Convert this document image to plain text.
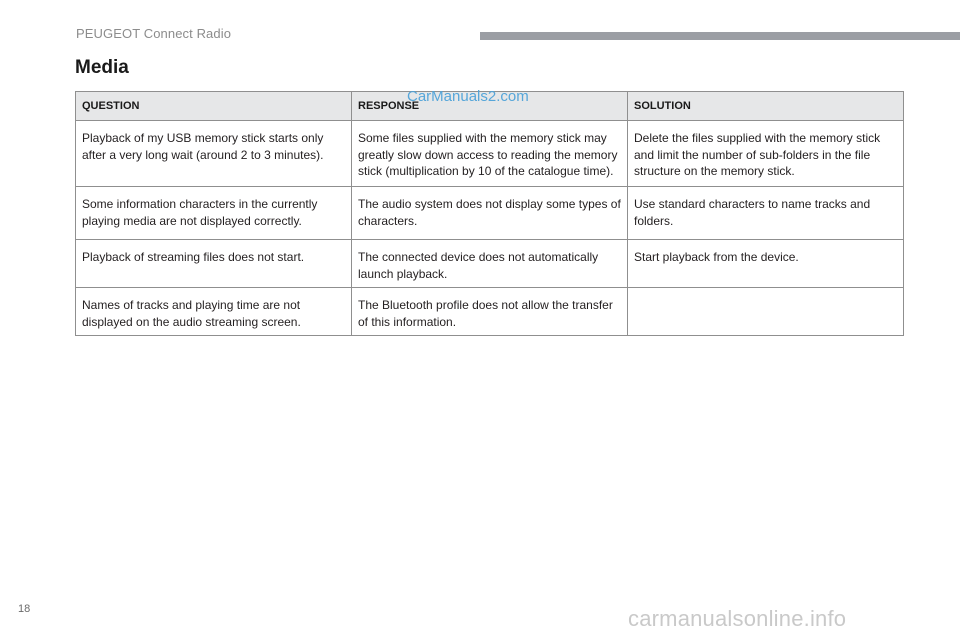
PEUGEOT Connect Radio
Media
QUESTION	RESPONSE	SOLUTION
Playback of my USB memory stick starts only after a very long wait (around 2 to 3 minutes).	Some files supplied with the memory stick may greatly slow down access to reading the memory stick (multiplication by 10 of the catalogue time).	Delete the files supplied with the memory stick and limit the number of sub-folders in the file structure on the memory stick.
Some information characters in the currently playing media are not displayed correctly.	The audio system does not display some types of characters.	Use standard characters to name tracks and folders.
Playback of streaming files does not start.	The connected device does not automatically launch playback.	Start playback from the device.
Names of tracks and playing time are not displayed on the audio streaming screen.	The Bluetooth profile does not allow the transfer of this information.	
CarManuals2.com
18	carmanualsonline.info
